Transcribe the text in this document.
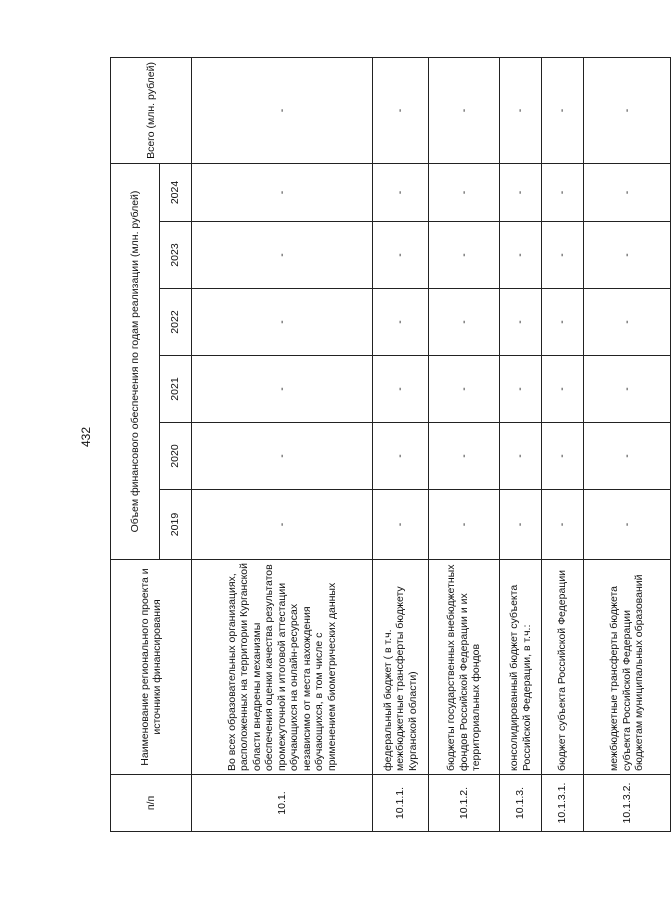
432
п/п	Наименование регионального проекта и источники финансирования	Объем финансового обеспечения по годам реализации (млн. рублей)						Всего (млн. рублей)
		2019	2020	2021	2022	2023	2024	
10.1.	Во всех образовательных организациях, расположенных на территории Курганской области внедрены механизмы обеспечения оценки качества результатов промежуточной и итоговой аттестации обучающихся на онлайн-ресурсах независимо от места нахождения обучающихся, в том числе с применением биометрических данных	-	-	-	-	-	-	-
10.1.1.	федеральный бюджет ( в т.ч. межбюджетные трансферты бюджету Курганской области)	-	-	-	-	-	-	-
10.1.2.	бюджеты государственных внебюджетных фондов Российской Федерации и их территориальных фондов	-	-	-	-	-	-	-
10.1.3.	консолидированный бюджет субъекта Российской Федерации, в т.ч.:	-	-	-	-	-	-	-
10.1.3.1.	бюджет субъекта Российской Федерации	-	-	-	-	-	-	-
10.1.3.2.	межбюджетные трансферты бюджета субъекта Российской Федерации бюджетам муниципальных образований	-	-	-	-	-	-	-
